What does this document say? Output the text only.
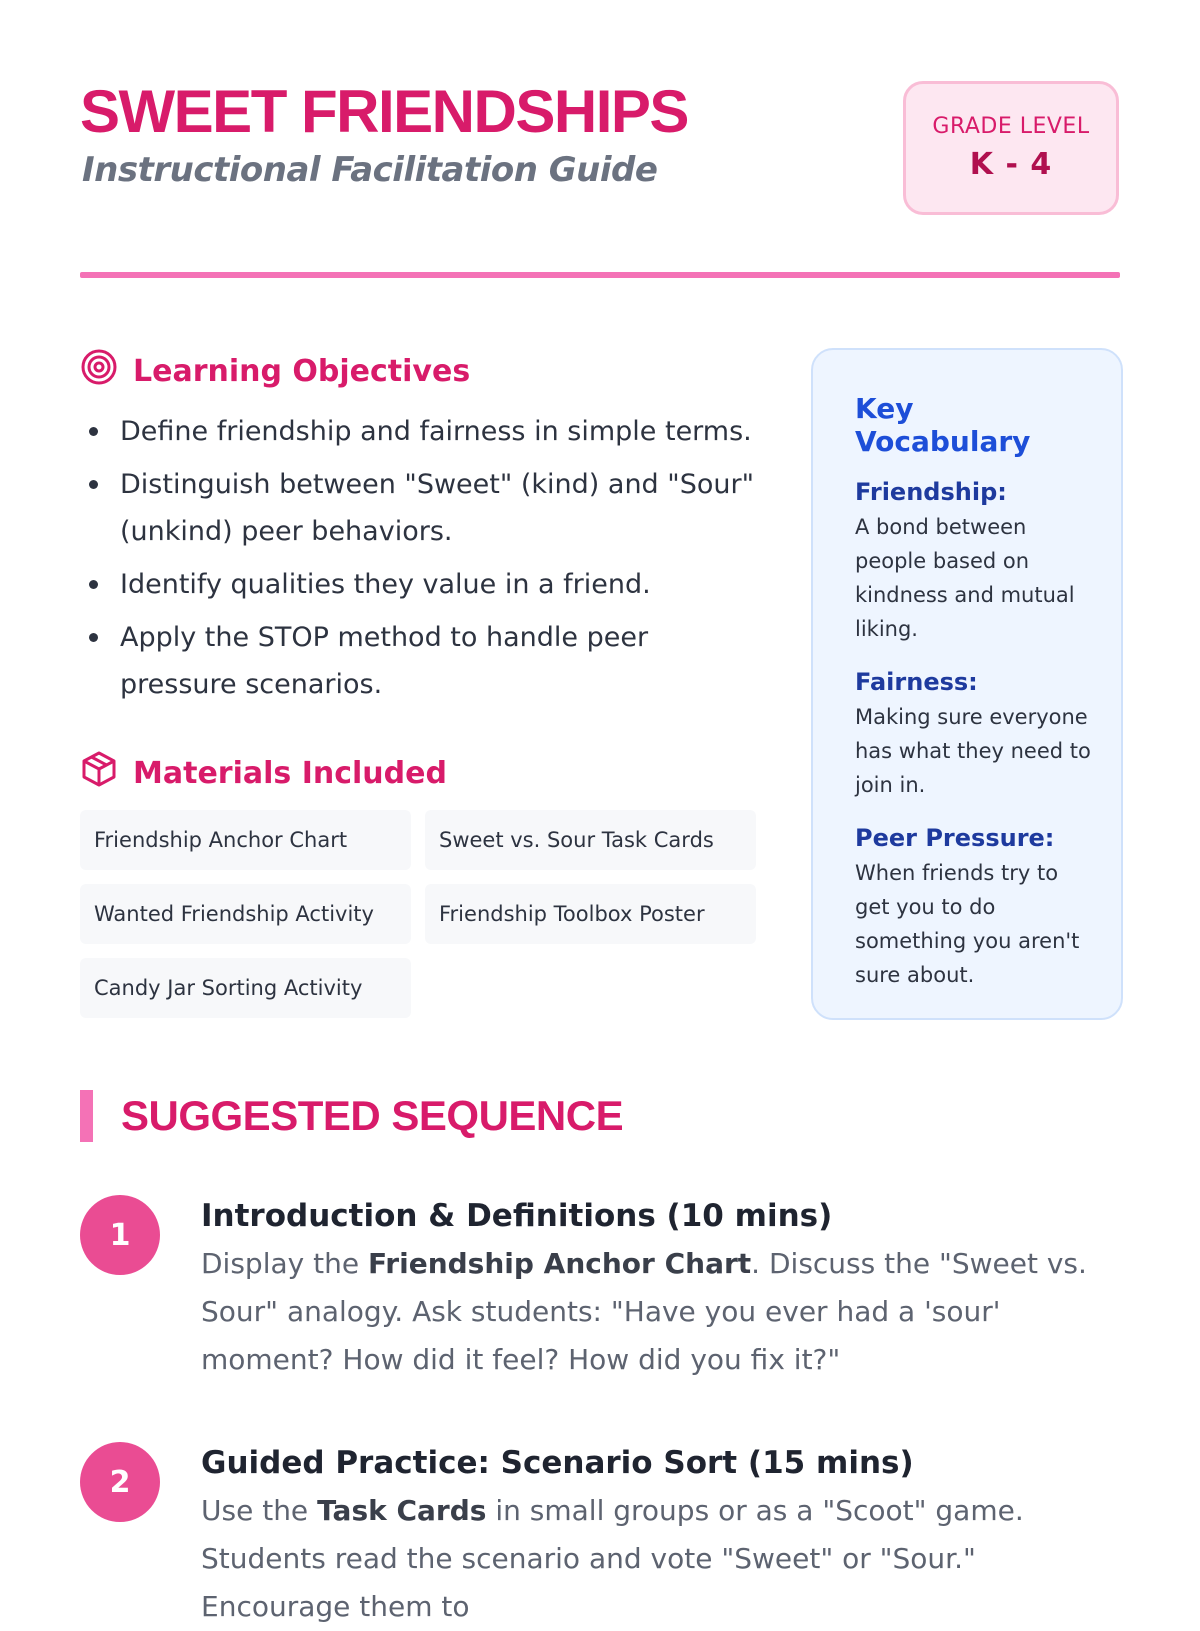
SWEET FRIENDSHIPS
Instructional Facilitation Guide
GRADE LEVEL
K - 4
Learning Objectives
Define friendship and fairness in simple terms.
Distinguish between "Sweet" (kind) and "Sour" (unkind) peer behaviors.
Identify qualities they value in a friend.
Apply the STOP method to handle peer pressure scenarios.
Materials Included
Friendship Anchor Chart	Sweet vs. Sour Task Cards
Wanted Friendship Activity	Friendship Toolbox Poster
Candy Jar Sorting Activity
Key Vocabulary

Friendship:

A bond between people based on kindness and mutual liking.

Fairness:

Making sure everyone has what they need to join in.

Peer Pressure:

When friends try to get you to do something you aren't sure about.

SUGGESTED SEQUENCE
1
Introduction & Definitions (10 mins)

Display the Friendship Anchor Chart. Discuss the "Sweet vs. Sour" analogy. Ask students: "Have you ever had a 'sour' moment? How did it feel? How did you fix it?"

2
Guided Practice: Scenario Sort (15 mins)

Use the Task Cards in small groups or as a "Scoot" game. Students read the scenario and vote "Sweet" or "Sour." Encourage them to
